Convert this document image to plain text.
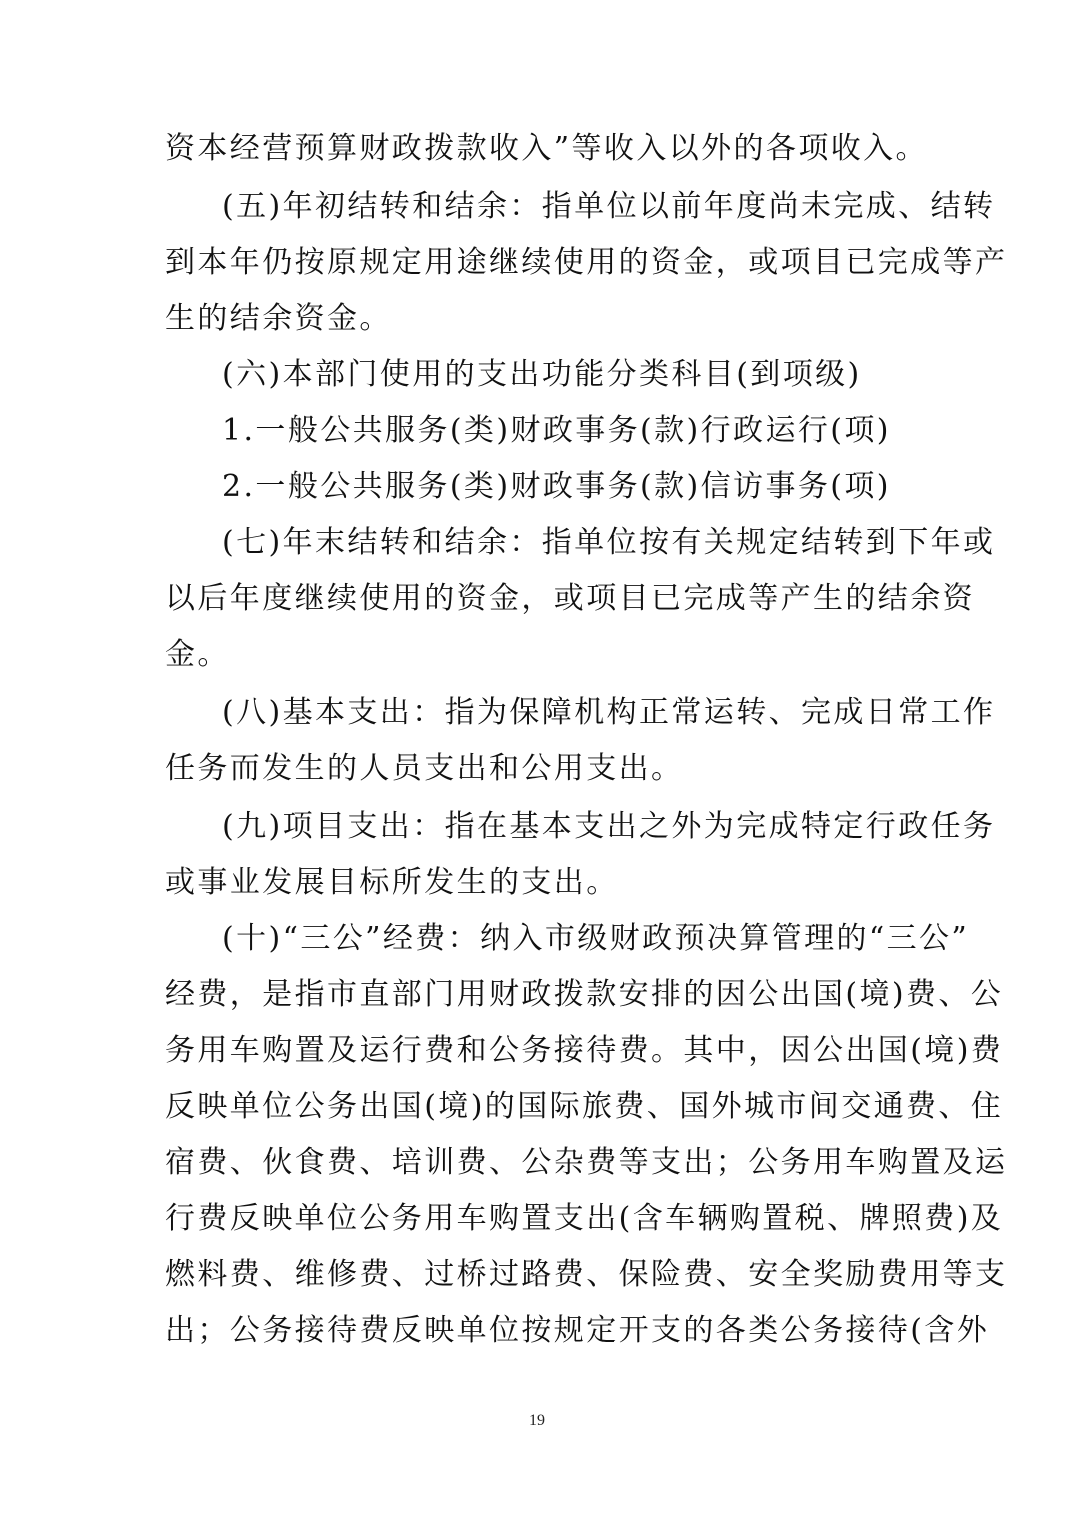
资本经营预算财政拨款收入”等收入以外的各项收入。
(五)年初结转和结余：指单位以前年度尚未完成、结转
到本年仍按原规定用途继续使用的资金，或项目已完成等产
生的结余资金。
(六)本部门使用的支出功能分类科目(到项级)
1.一般公共服务(类)财政事务(款)行政运行(项)
2.一般公共服务(类)财政事务(款)信访事务(项)
(七)年末结转和结余：指单位按有关规定结转到下年或
以后年度继续使用的资金，或项目已完成等产生的结余资
金。
(八)基本支出：指为保障机构正常运转、完成日常工作
任务而发生的人员支出和公用支出。
(九)项目支出：指在基本支出之外为完成特定行政任务
或事业发展目标所发生的支出。
(十)“三公”经费：纳入市级财政预决算管理的“三公”
经费，是指市直部门用财政拨款安排的因公出国(境)费、公
务用车购置及运行费和公务接待费。其中，因公出国(境)费
反映单位公务出国(境)的国际旅费、国外城市间交通费、住
宿费、伙食费、培训费、公杂费等支出；公务用车购置及运
行费反映单位公务用车购置支出(含车辆购置税、牌照费)及
燃料费、维修费、过桥过路费、保险费、安全奖励费用等支
出；公务接待费反映单位按规定开支的各类公务接待(含外
19
